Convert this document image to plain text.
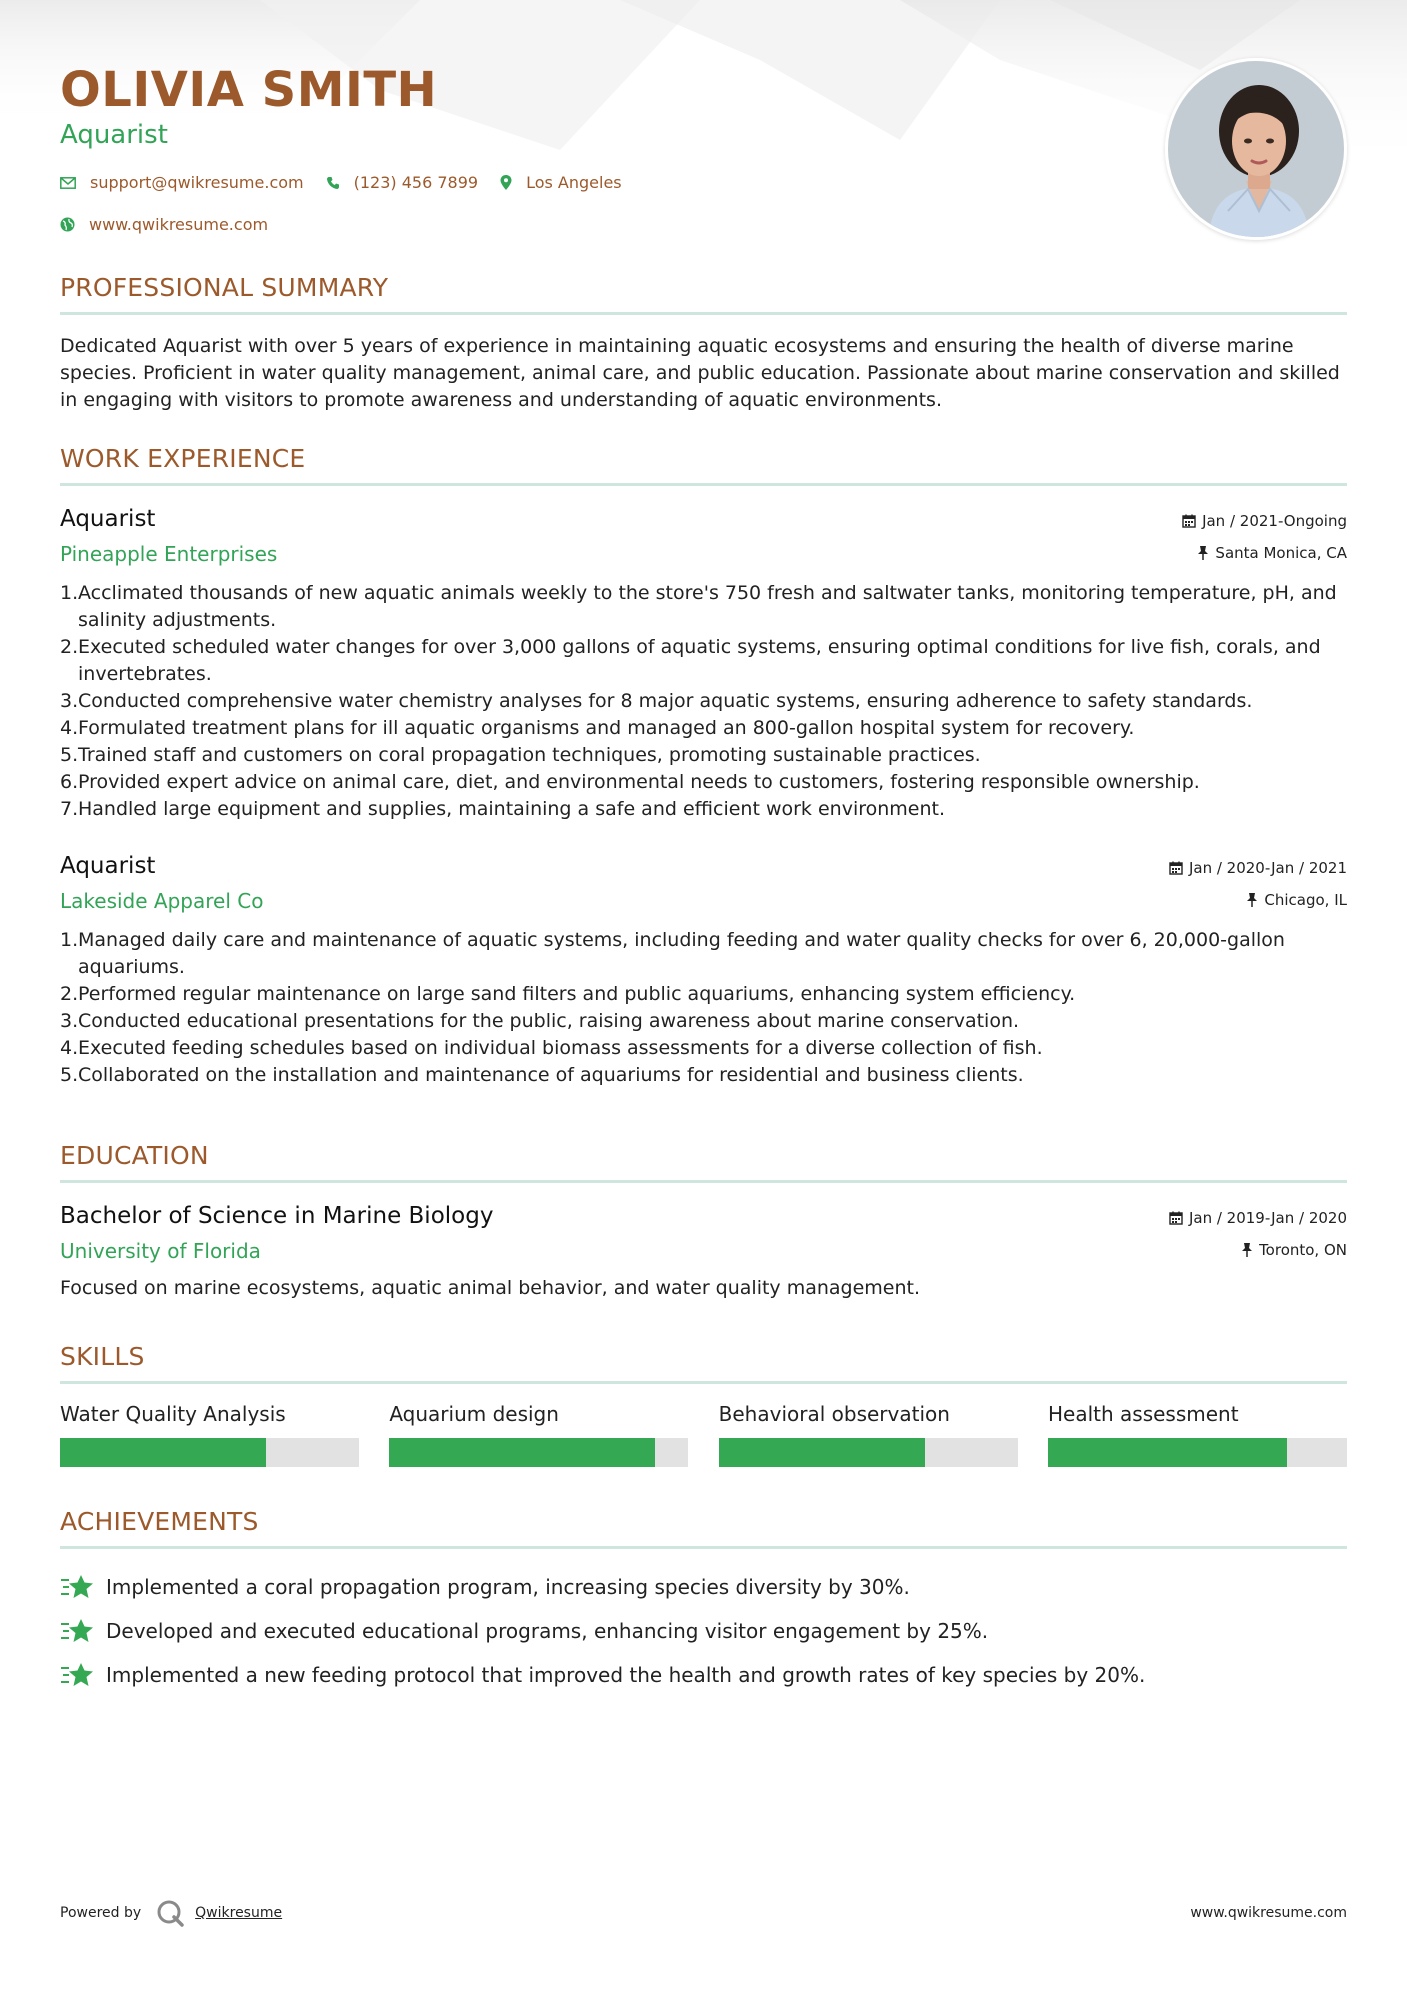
OLIVIA SMITH
Aquarist
support@qwikresume.com	(123) 456 7899	Los Angeles
www.qwikresume.com
PROFESSIONAL SUMMARY

Dedicated Aquarist with over 5 years of experience in maintaining aquatic ecosystems and ensuring the health of diverse marine species. Proficient in water quality management, animal care, and public education. Passionate about marine conservation and skilled in engaging with visitors to promote awareness and understanding of aquatic environments.

WORK EXPERIENCE
Aquarist
Pineapple Enterprises
Jan / 2021-Ongoing
Santa Monica, CA
Acclimated thousands of new aquatic animals weekly to the store's 750 fresh and saltwater tanks, monitoring temperature, pH, and salinity adjustments.
Executed scheduled water changes for over 3,000 gallons of aquatic systems, ensuring optimal conditions for live fish, corals, and invertebrates.
Conducted comprehensive water chemistry analyses for 8 major aquatic systems, ensuring adherence to safety standards.
Formulated treatment plans for ill aquatic organisms and managed an 800-gallon hospital system for recovery.
Trained staff and customers on coral propagation techniques, promoting sustainable practices.
Provided expert advice on animal care, diet, and environmental needs to customers, fostering responsible ownership.
Handled large equipment and supplies, maintaining a safe and efficient work environment.
Aquarist
Lakeside Apparel Co
Jan / 2020-Jan / 2021
Chicago, IL
Managed daily care and maintenance of aquatic systems, including feeding and water quality checks for over 6, 20,000-gallon aquariums.
Performed regular maintenance on large sand filters and public aquariums, enhancing system efficiency.
Conducted educational presentations for the public, raising awareness about marine conservation.
Executed feeding schedules based on individual biomass assessments for a diverse collection of fish.
Collaborated on the installation and maintenance of aquariums for residential and business clients.
EDUCATION
Bachelor of Science in Marine Biology
University of Florida
Jan / 2019-Jan / 2020
Toronto, ON

Focused on marine ecosystems, aquatic animal behavior, and water quality management.

SKILLS
Water Quality Analysis	Aquarium design	Behavioral observation	Health assessment
ACHIEVEMENTS
Implemented a coral propagation program, increasing species diversity by 30%.
Developed and executed educational programs, enhancing visitor engagement by 25%.
Implemented a new feeding protocol that improved the health and growth rates of key species by 20%.
Powered by	Qwikresume	www.qwikresume.com
